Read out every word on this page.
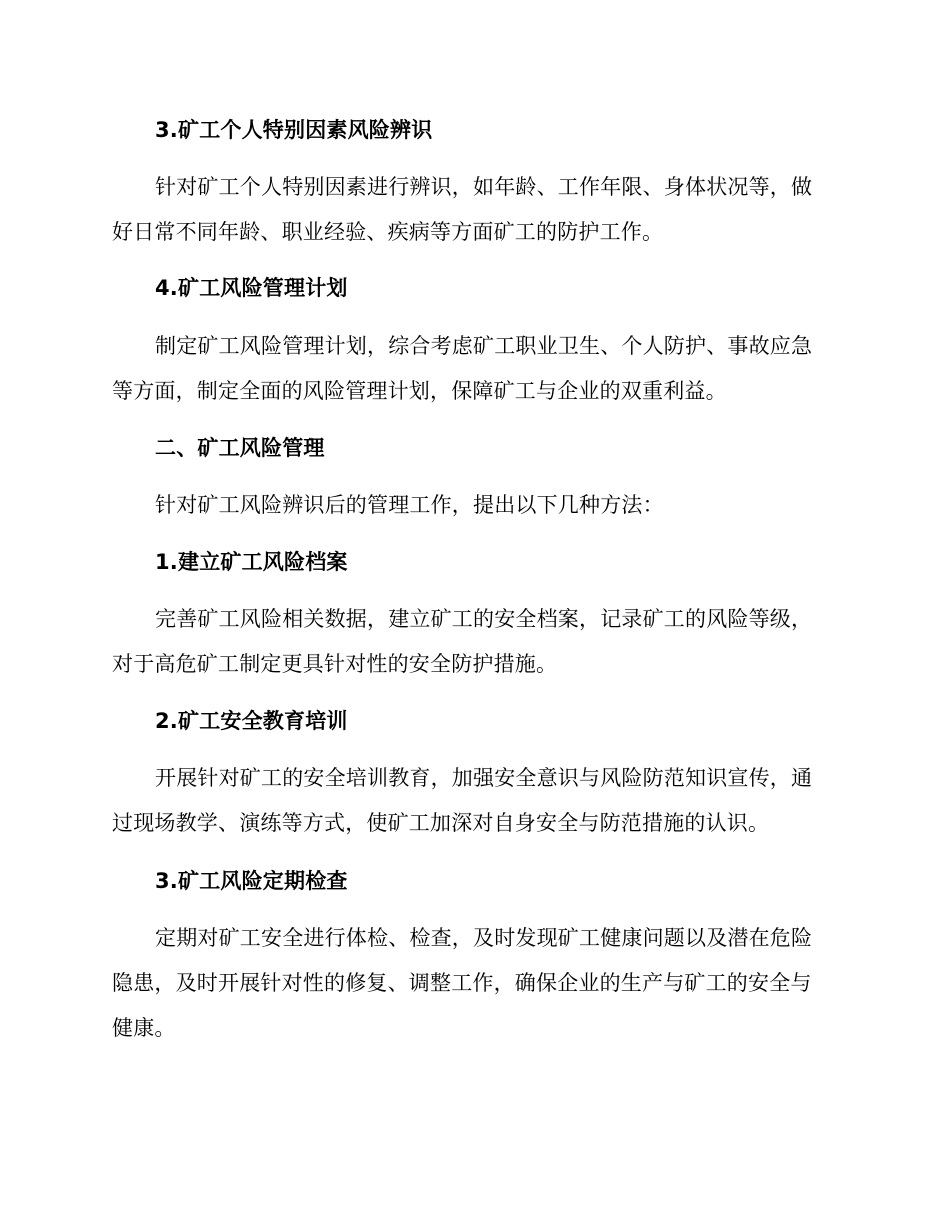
3.矿工个人特别因素风险辨识

针对矿工个人特别因素进行辨识，如年龄、工作年限、身体状况等，做好日常不同年龄、职业经验、疾病等方面矿工的防护工作。

4.矿工风险管理计划

制定矿工风险管理计划，综合考虑矿工职业卫生、个人防护、事故应急等方面，制定全面的风险管理计划，保障矿工与企业的双重利益。

二、矿工风险管理

针对矿工风险辨识后的管理工作，提出以下几种方法：

1.建立矿工风险档案

完善矿工风险相关数据，建立矿工的安全档案，记录矿工的风险等级，对于高危矿工制定更具针对性的安全防护措施。

2.矿工安全教育培训

开展针对矿工的安全培训教育，加强安全意识与风险防范知识宣传，通过现场教学、演练等方式，使矿工加深对自身安全与防范措施的认识。

3.矿工风险定期检查

定期对矿工安全进行体检、检查，及时发现矿工健康问题以及潜在危险隐患，及时开展针对性的修复、调整工作，确保企业的生产与矿工的安全与健康。
